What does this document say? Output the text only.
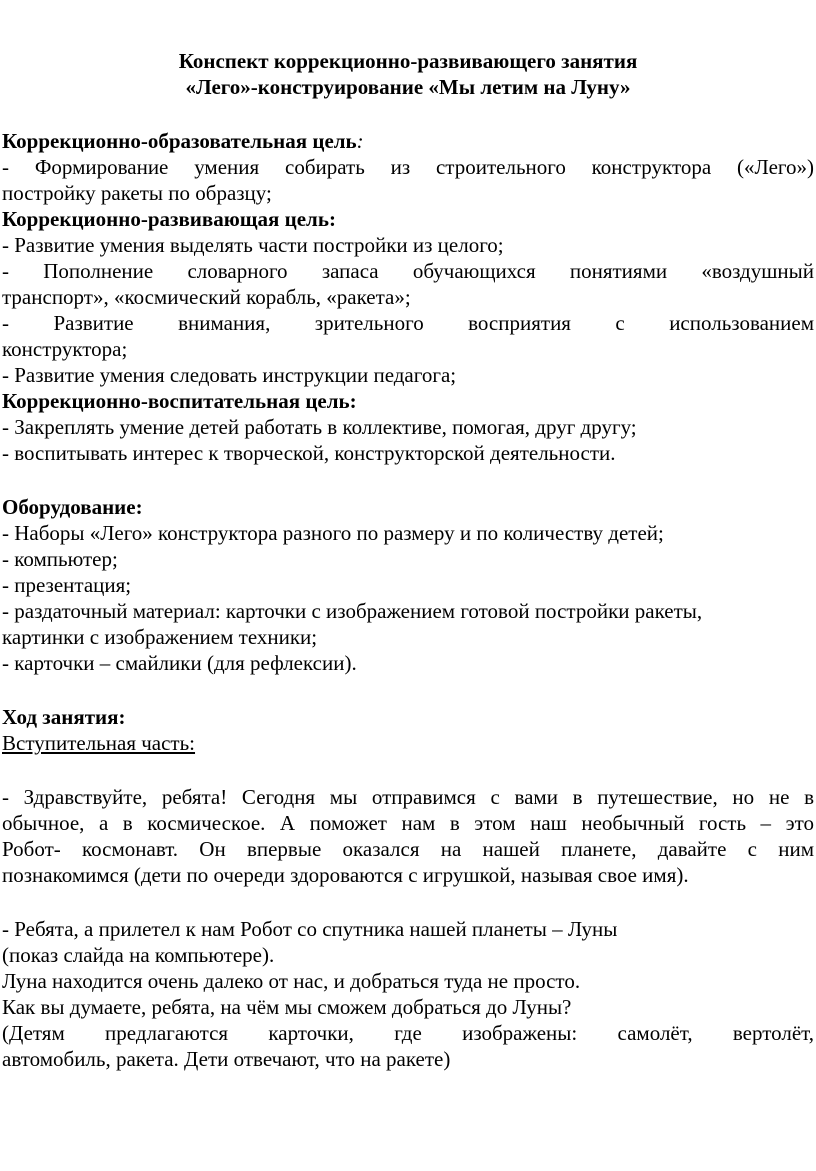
Конспект коррекционно-развивающего занятия
«Лего»-конструирование «Мы летим на Луну»
Коррекционно-образовательная цель:
- Формирование умения собирать из строительного конструктора («Лего»)
постройку ракеты по образцу;
Коррекционно-развивающая цель:
- Развитие умения выделять части постройки из целого;
- Пополнение словарного запаса обучающихся понятиями «воздушный
транспорт», «космический корабль, «ракета»;
- Развитие внимания, зрительного восприятия с использованием
конструктора;
- Развитие умения следовать инструкции педагога;
Коррекционно-воспитательная цель:
- Закреплять умение детей работать в коллективе, помогая, друг другу;
- воспитывать интерес к творческой, конструкторской деятельности.
Оборудование:
- Наборы «Лего» конструктора разного по размеру и по количеству детей;
- компьютер;
- презентация;
- раздаточный материал: карточки с изображением готовой постройки ракеты,
картинки с изображением техники;
- карточки – смайлики (для рефлексии).
Ход занятия:
Вступительная часть:
- Здравствуйте, ребята! Сегодня мы отправимся с вами в путешествие, но не в
обычное, а в космическое. А поможет нам в этом наш необычный гость – это
Робот- космонавт. Он впервые оказался на нашей планете, давайте с ним
познакомимся (дети по очереди здороваются с игрушкой, называя свое имя).
- Ребята, а прилетел к нам Робот со спутника нашей планеты – Луны
(показ слайда на компьютере).
Луна находится очень далеко от нас, и добраться туда не просто.
Как вы думаете, ребята, на чём мы сможем добраться до Луны?
(Детям предлагаются карточки, где изображены: самолёт, вертолёт,
автомобиль, ракета. Дети отвечают, что на ракете)
